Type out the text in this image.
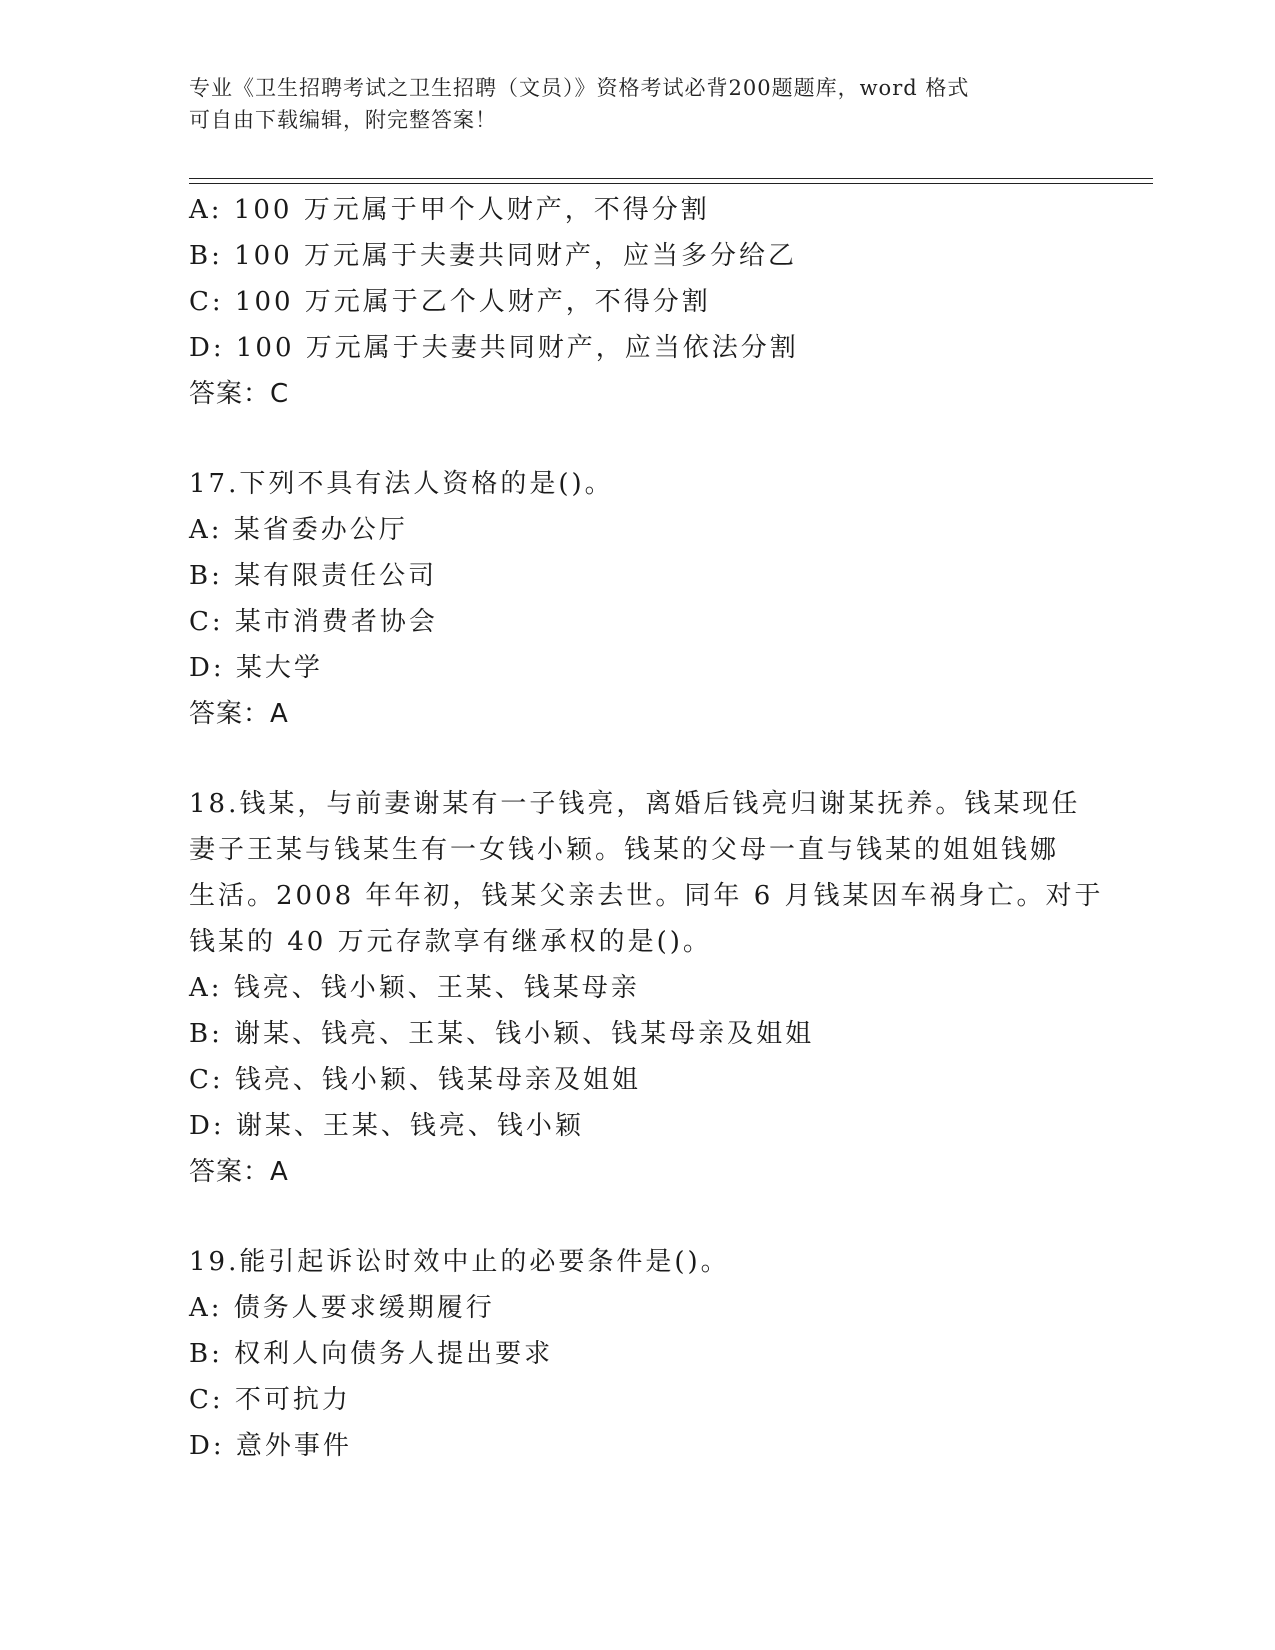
专业《卫生招聘考试之卫生招聘（文员）》资格考试必背200题题库，word 格式

可自由下载编辑，附完整答案！

A: 100 万元属于甲个人财产，不得分割
B: 100 万元属于夫妻共同财产，应当多分给乙
C: 100 万元属于乙个人财产，不得分割
D: 100 万元属于夫妻共同财产，应当依法分割
答案：C
17.下列不具有法人资格的是()。
A: 某省委办公厅
B: 某有限责任公司
C: 某市消费者协会
D: 某大学
答案：A
18.钱某，与前妻谢某有一子钱亮，离婚后钱亮归谢某抚养。钱某现任
妻子王某与钱某生有一女钱小颖。钱某的父母一直与钱某的姐姐钱娜
生活。2008 年年初，钱某父亲去世。同年 6 月钱某因车祸身亡。对于
钱某的 40 万元存款享有继承权的是()。
A: 钱亮、钱小颖、王某、钱某母亲
B: 谢某、钱亮、王某、钱小颖、钱某母亲及姐姐
C: 钱亮、钱小颖、钱某母亲及姐姐
D: 谢某、王某、钱亮、钱小颖
答案：A
19.能引起诉讼时效中止的必要条件是()。
A: 债务人要求缓期履行
B: 权利人向债务人提出要求
C: 不可抗力
D: 意外事件
